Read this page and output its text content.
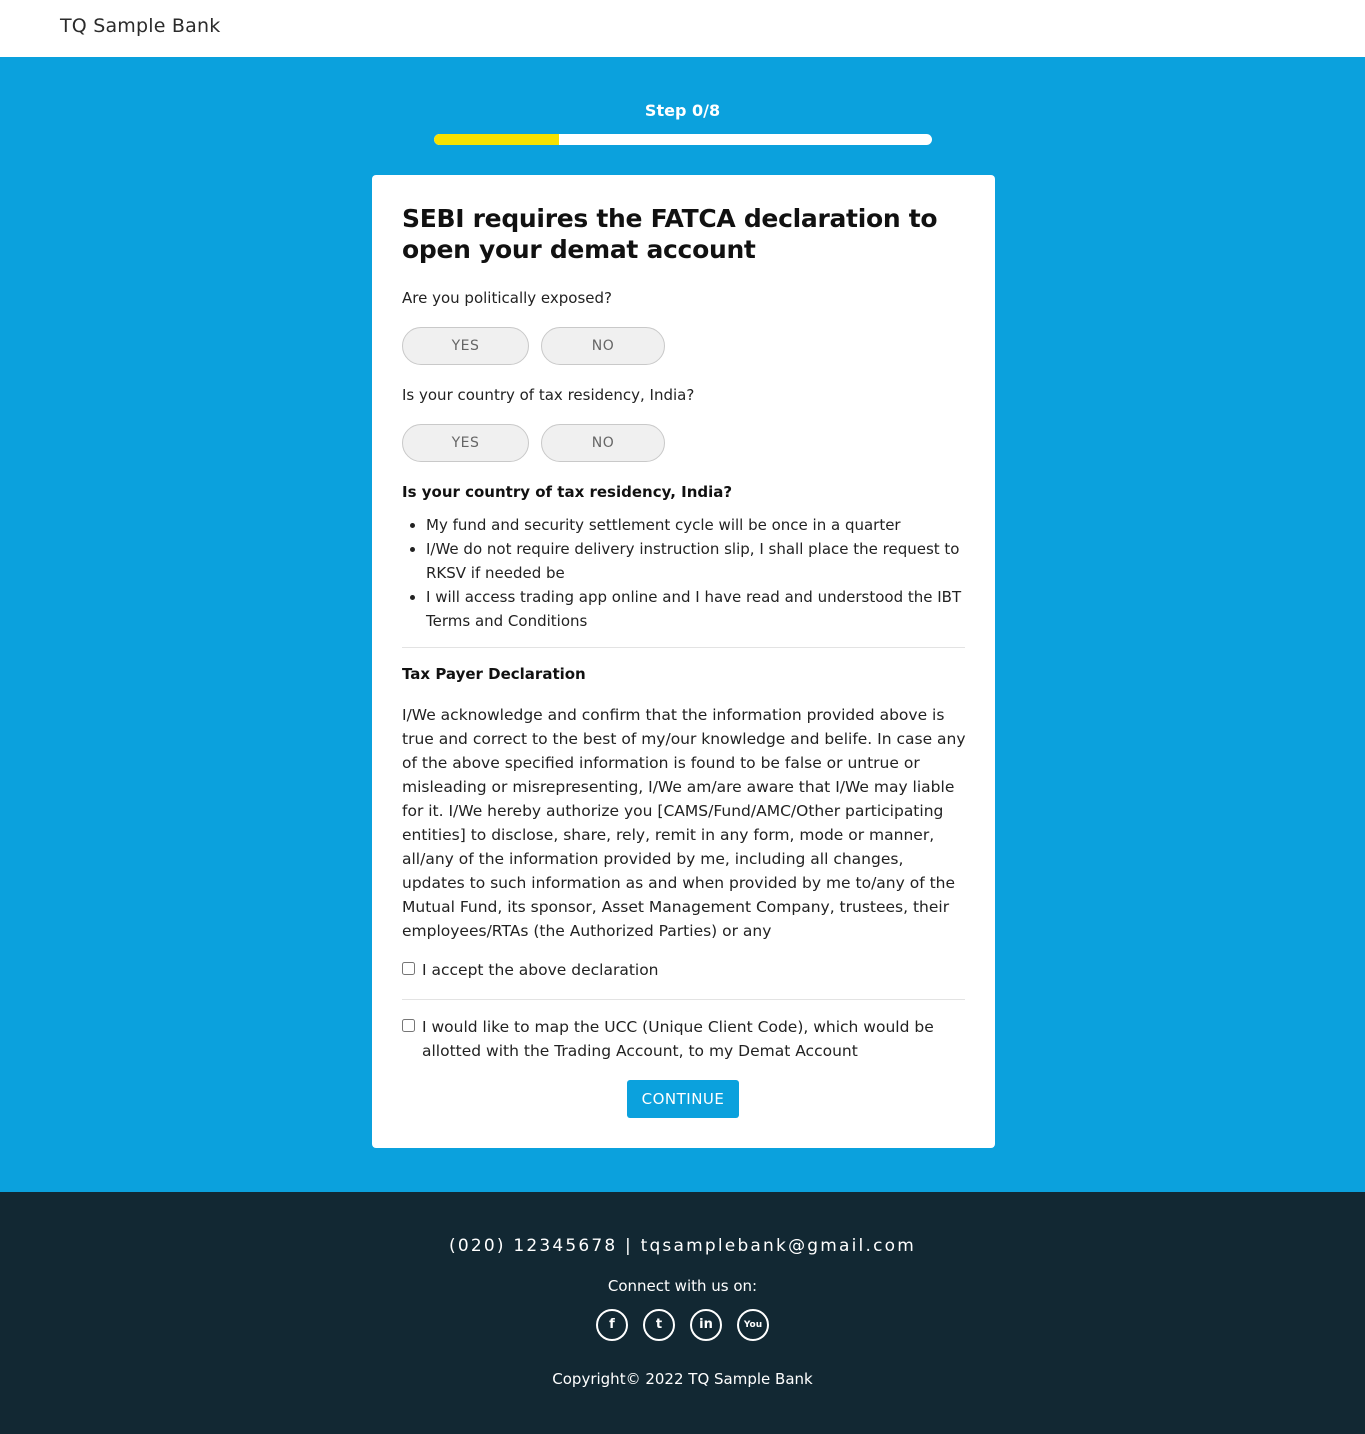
TQ Sample Bank
Step 0/8
SEBI requires the FATCA declaration to open your demat account
Are you politically exposed?
YES	NO
Is your country of tax residency, India?
YES	NO
Is your country of tax residency, India?
• My fund and security settlement cycle will be once in a quarter
• I/We do not require delivery instruction slip, I shall place the request to RKSV if needed be
• I will access trading app online and I have read and understood the IBT Terms and Conditions
Tax Payer Declaration
I/We acknowledge and confirm that the information provided above is true and correct to the best of my/our knowledge and belife. In case any of the above specified information is found to be false or untrue or misleading or misrepresenting, I/We am/are aware that I/We may liable for it. I/We hereby authorize you [CAMS/Fund/AMC/Other participating entities] to disclose, share, rely, remit in any form, mode or manner, all/any of the information provided by me, including all changes, updates to such information as and when provided by me to/any of the Mutual Fund, its sponsor, Asset Management Company, trustees, their employees/RTAs (the Authorized Parties) or any
I accept the above declaration
I would like to map the UCC (Unique Client Code), which would be allotted with the Trading Account, to my Demat Account
CONTINUE
(020) 12345678 | tqsamplebank@gmail.com
Connect with us on:
f	t	in	You
Copyright© 2022 TQ Sample Bank
